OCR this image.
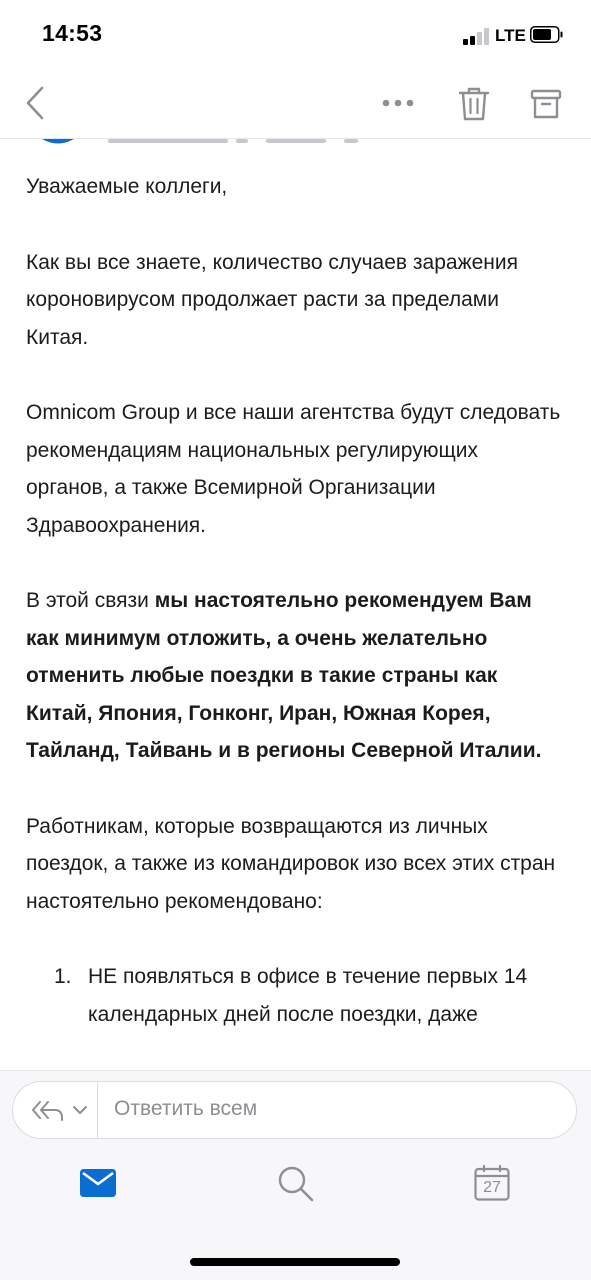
14:53	LTE

Уважаемые коллеги,

Как вы все знаете, количество случаев заражения короновирусом продолжает расти за пределами Китая.

Omnicom Group и все наши агентства будут следовать рекомендациям национальных регулирующих органов, а также Всемирной Организации Здравоохранения.

В этой связи мы настоятельно рекомендуем Вам как минимум отложить, а очень желательно отменить любые поездки в такие страны как Китай, Япония, Гонконг, Иран, Южная Корея, Тайланд, Тайвань и в регионы Северной Италии.

Работникам, которые возвращаются из личных поездок, а также из командировок изо всех этих стран настоятельно рекомендовано:

1. НЕ появляться в офисе в течение первых 14 календарных дней после поездки, даже
Ответить всем
27
